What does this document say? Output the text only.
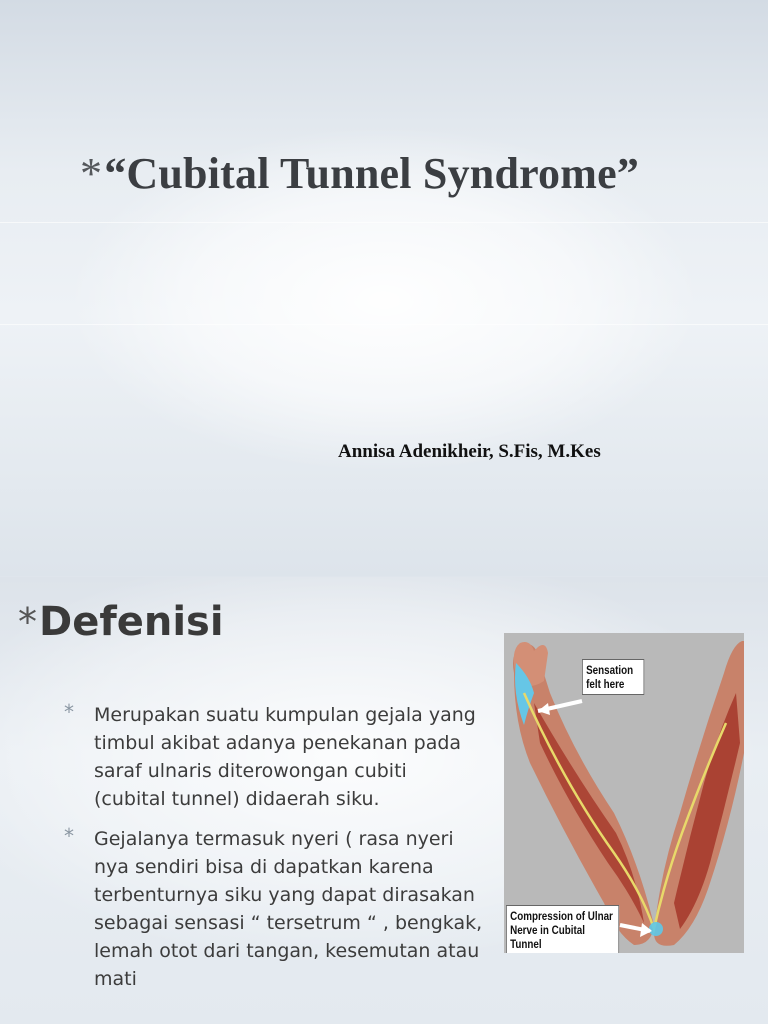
*“Cubital Tunnel Syndrome”

Annisa Adenikheir, S.Fis, M.Kes

*Defenisi
* Merupakan suatu kumpulan gejala yang timbul akibat adanya penekanan pada saraf ulnaris diterowongan cubiti (cubital tunnel) didaerah siku.
* Gejalanya termasuk nyeri ( rasa nyeri nya sendiri bisa di dapatkan karena terbenturnya siku yang dapat dirasakan sebagai sensasi “ tersetrum “ , bengkak, lemah otot dari tangan, kesemutan atau mati
Sensation felt here
Compression of Ulnar Nerve in Cubital Tunnel
